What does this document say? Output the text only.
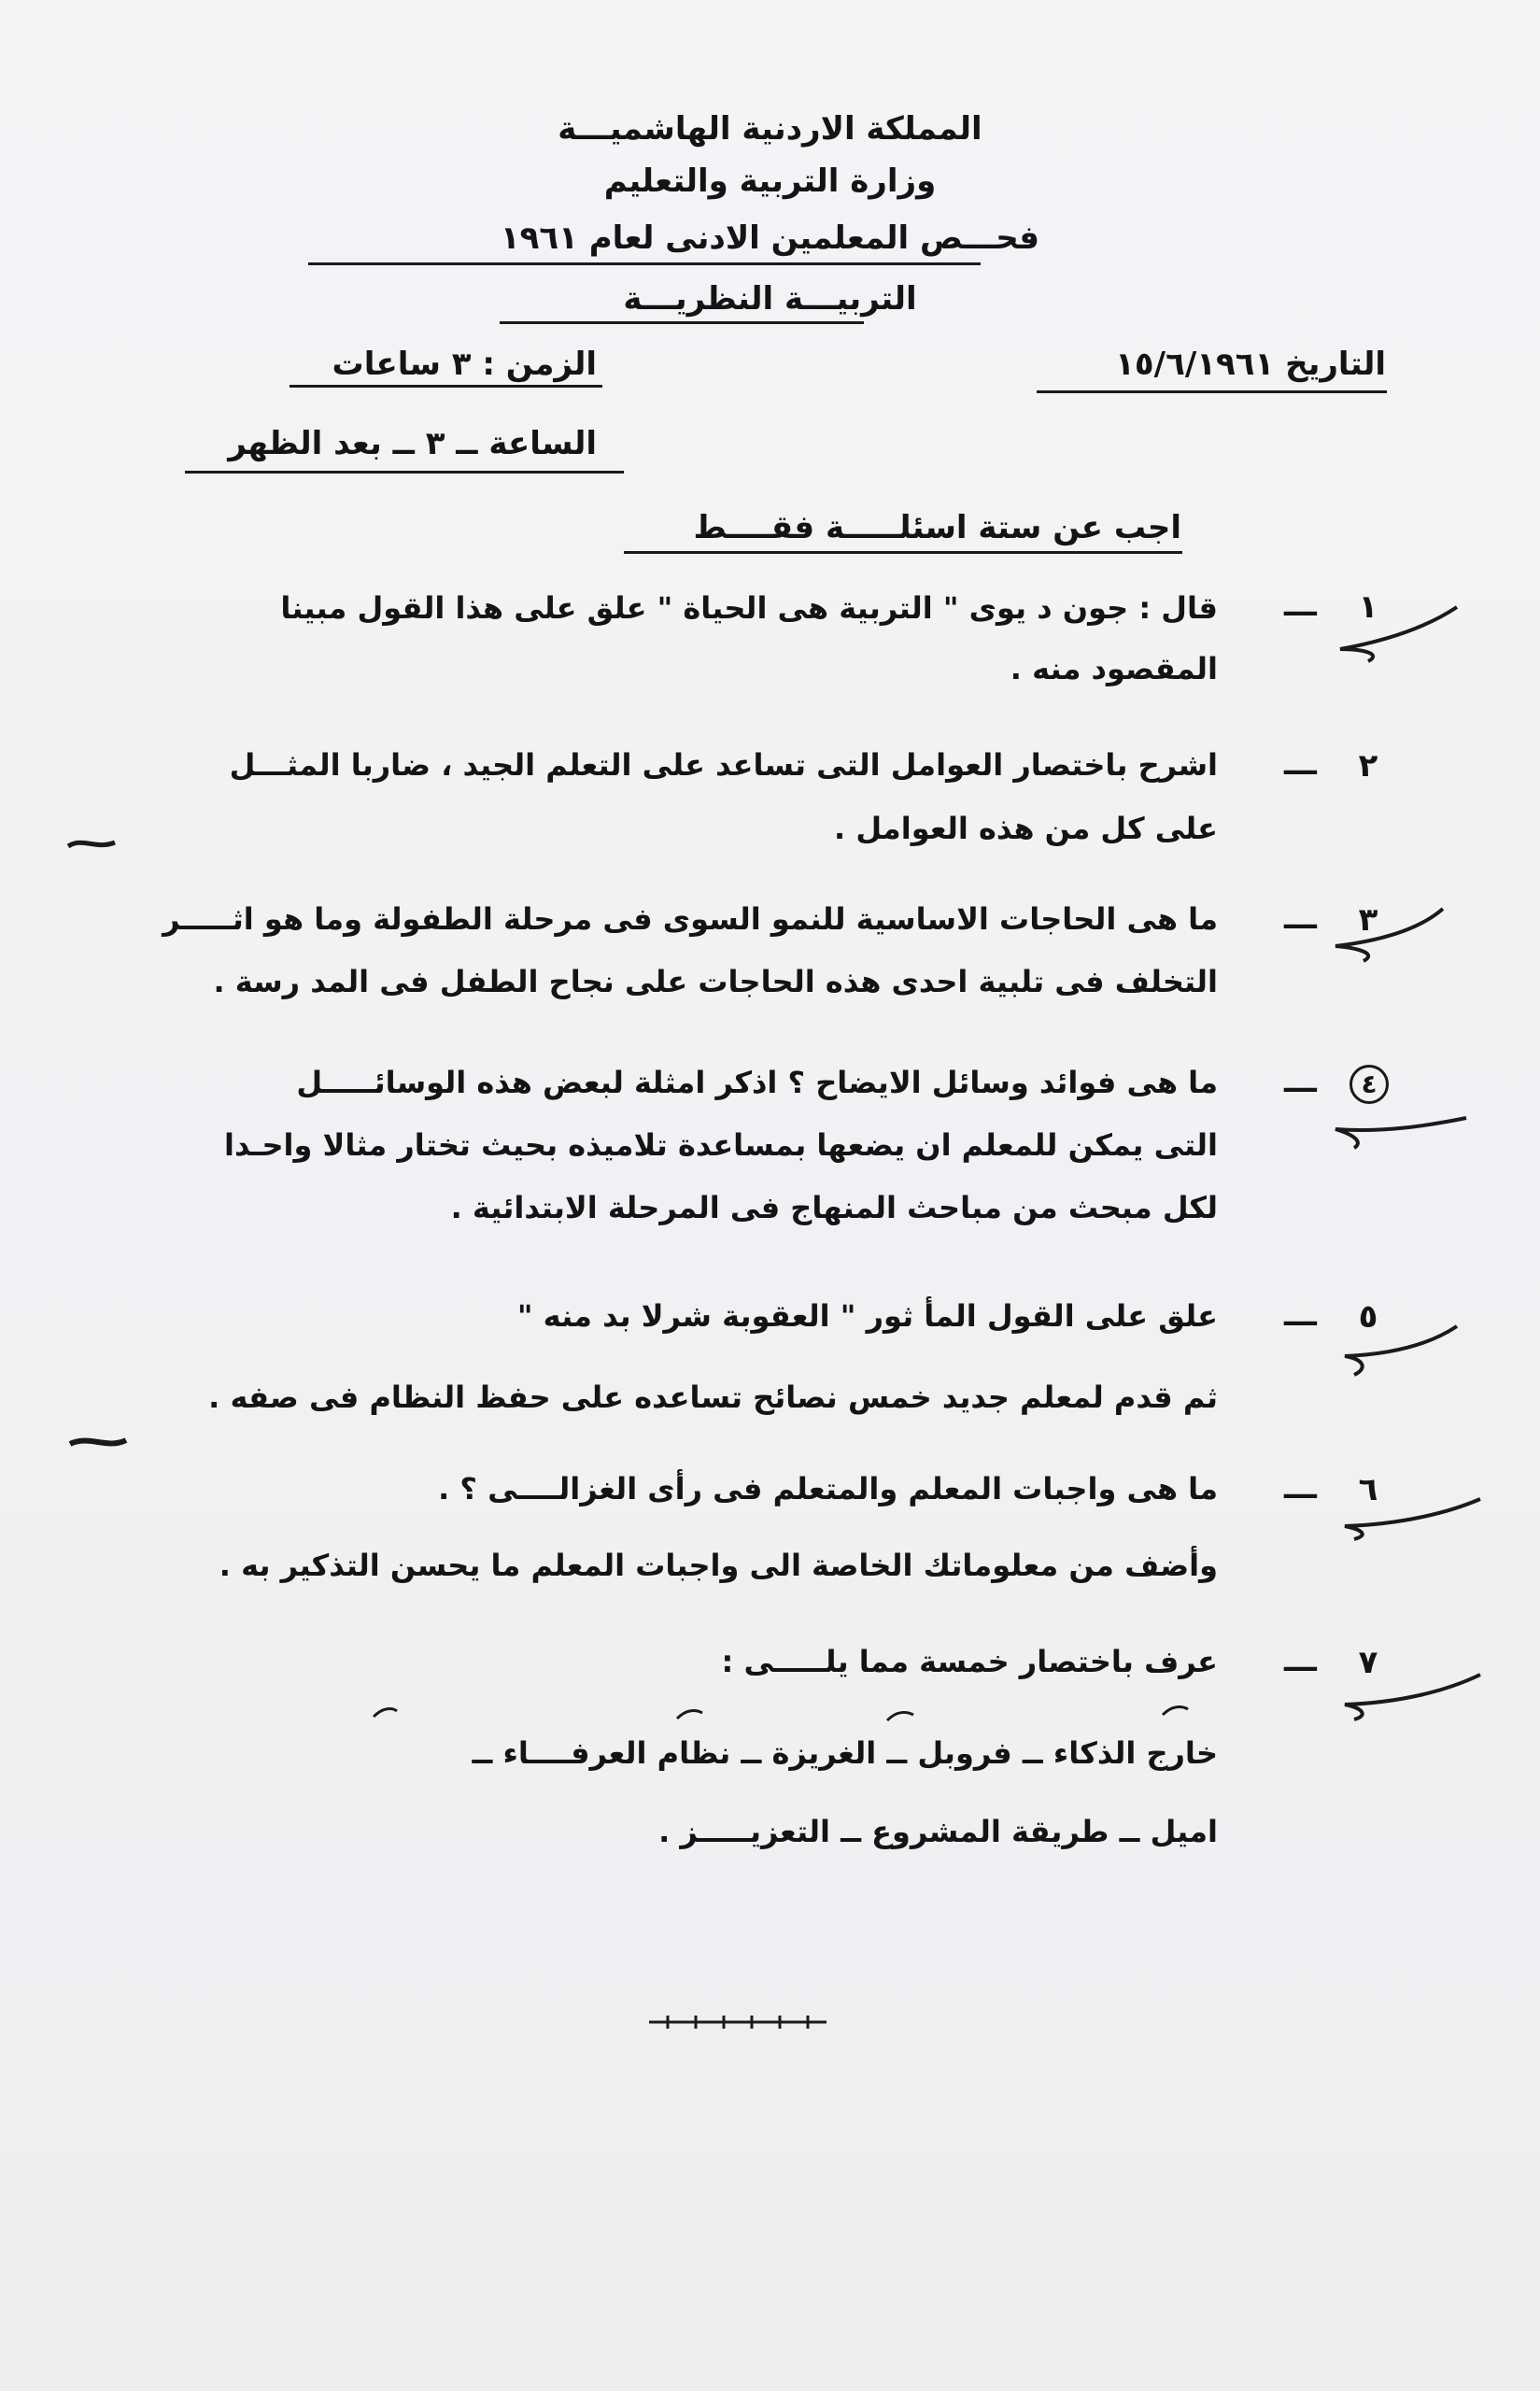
المملكة الاردنية الهاشميـــة
وزارة التربية والتعليم
فحـــص المعلمين الادنى لعام ١٩٦١
التربيـــة النظريـــة
التاريخ ١٥/٦/١٩٦١
الزمن : ٣ ساعات
الساعة ــ ٣ ــ بعد الظهر
اجب عن ستة اسئلـــــة فقــــط
١
ـــ
قال : جون د يوى " التربية هى الحياة " علق على هذا القول مبينا
المقصود منه .
٢
ـــ
اشرح باختصار العوامل التى تساعد على التعلم الجيد ، ضاربا المثـــل
على كل من هذه العوامل .
٣
ـــ
ما هى الحاجات الاساسية للنمو السوى فى مرحلة الطفولة وما هو اثـــــر
التخلف فى تلبية احدى هذه الحاجات على نجاح الطفل فى المد رسة .
٤
ـــ
ما هى فوائد وسائل الايضاح ؟ اذكر امثلة لبعض هذه الوسائـــــل
التى يمكن للمعلم ان يضعها بمساعدة تلاميذه بحيث تختار مثالا واحـدا
لكل مبحث من مباحث المنهاج فى المرحلة الابتدائية .
٥
ـــ
علق على القول المأ ثور " العقوبة شرلا بد منه "
ثم قدم لمعلم جديد خمس نصائح تساعده على حفظ النظام فى صفه .
٦
ـــ
ما هى واجبات المعلم والمتعلم فى رأى الغزالــــى ؟ .
وأضف من معلوماتك الخاصة الى واجبات المعلم ما يحسن التذكير به .
٧
ـــ
عرف باختصار خمسة مما يلـــــى :
خارج الذكاء ــ فروبل ــ الغريزة ــ نظام العرفــــاء ــ
اميل ــ طريقة المشروع ــ التعزيـــــز .
